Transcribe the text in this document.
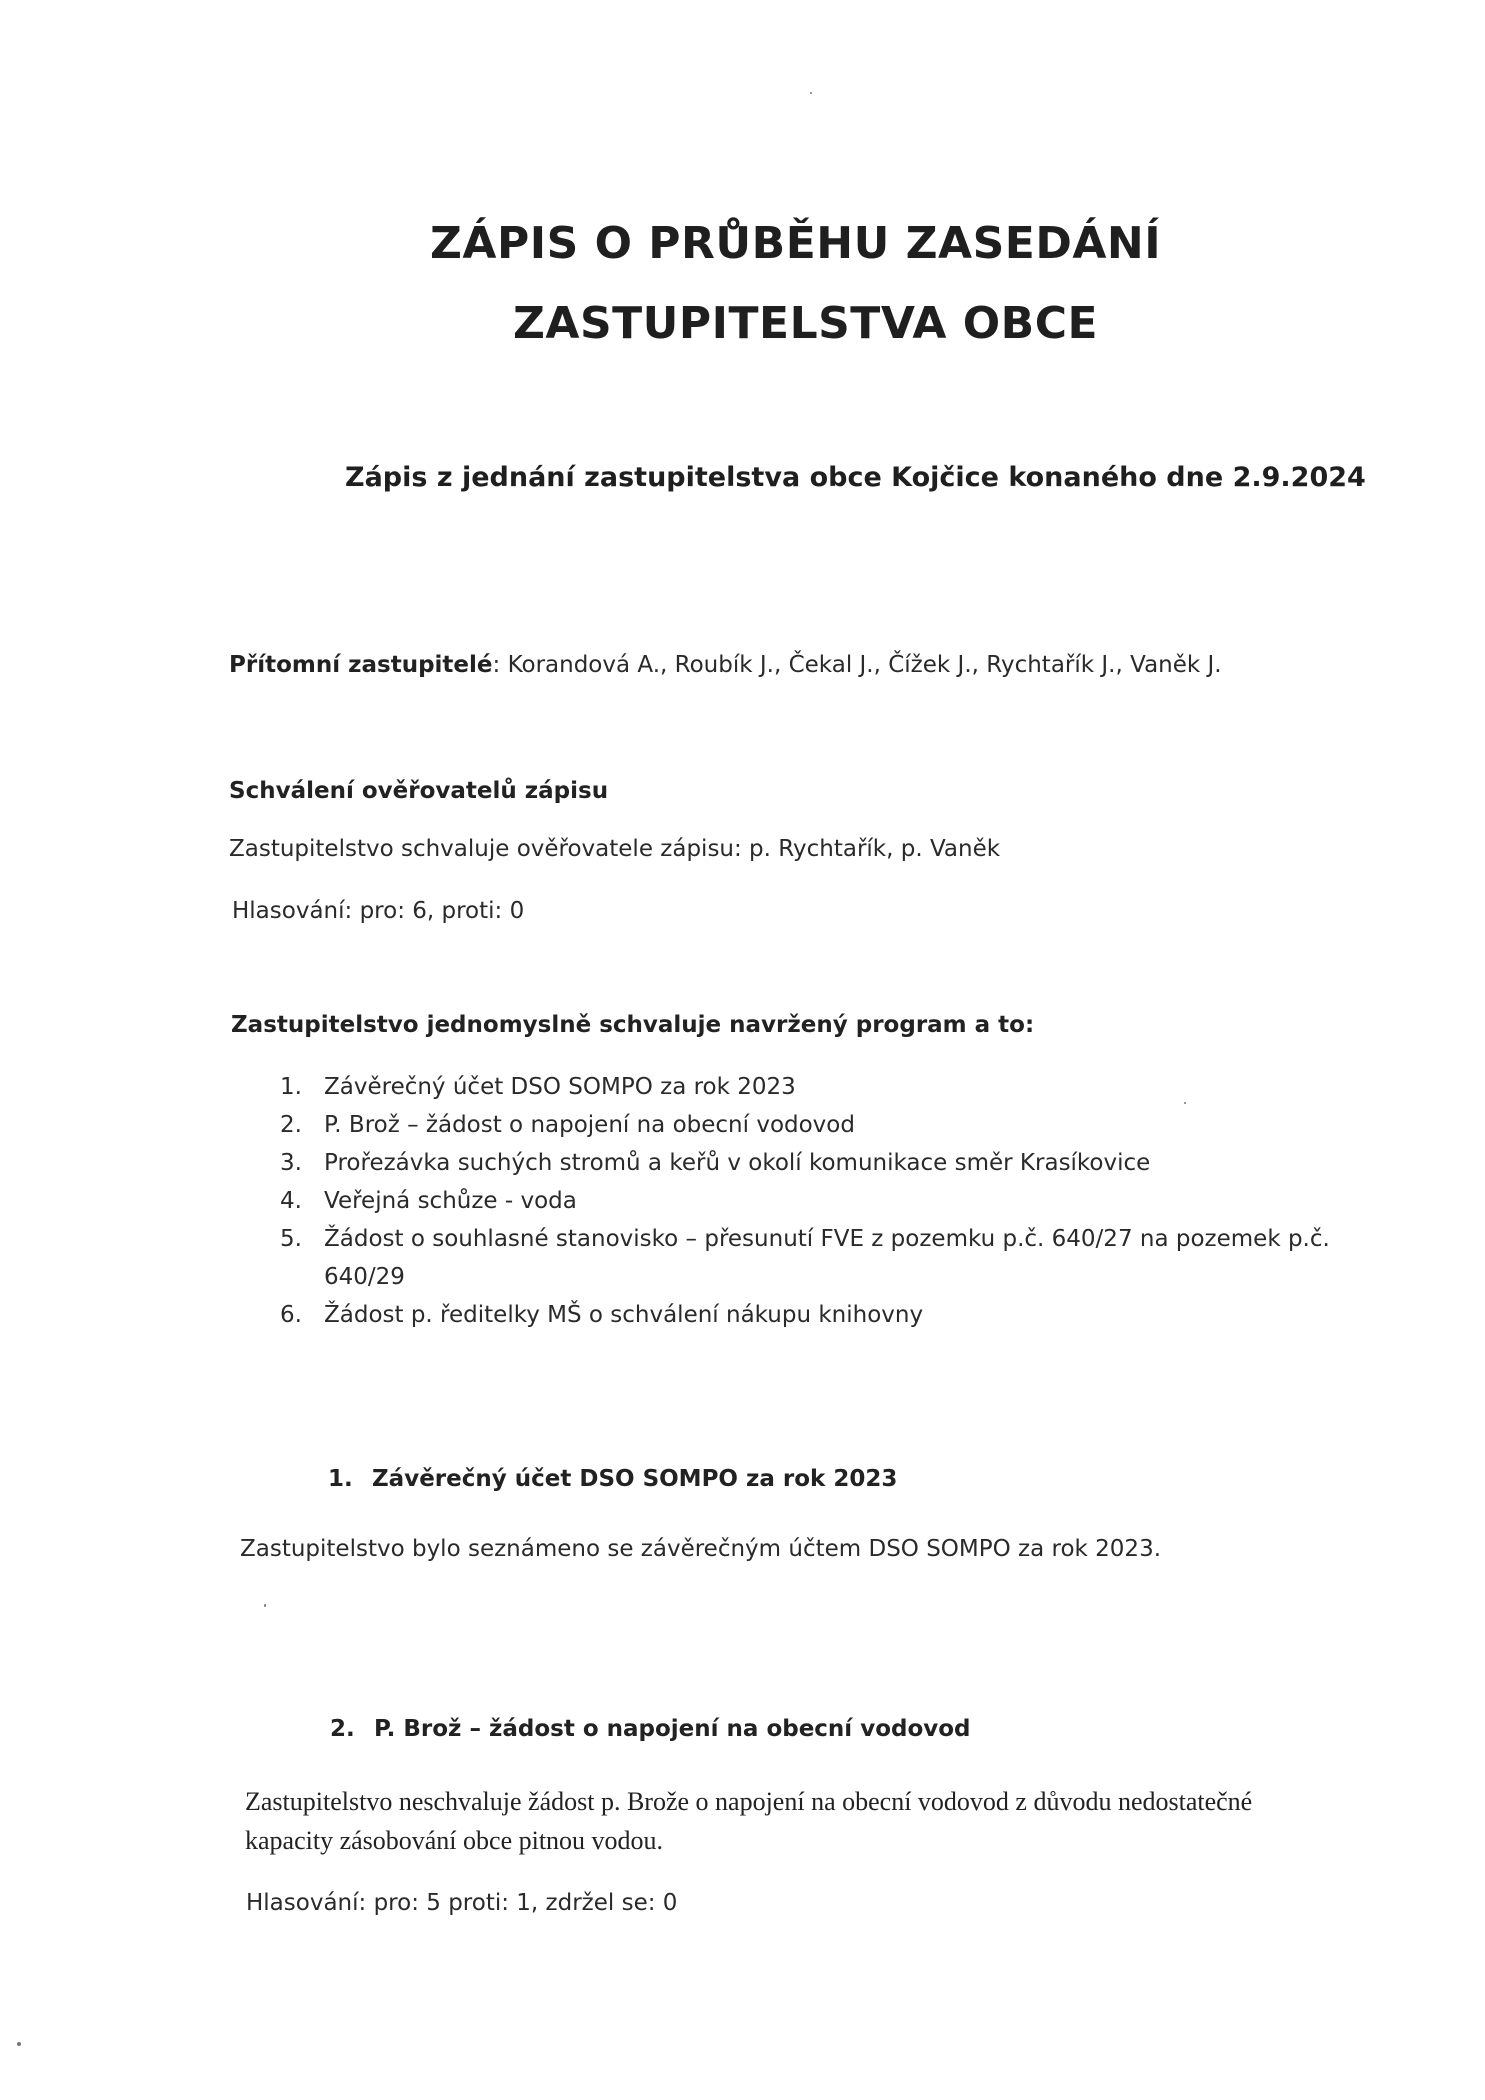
ZÁPIS O PRŮBĚHU ZASEDÁNÍ
ZASTUPITELSTVA OBCE
Zápis z jednání zastupitelstva obce Kojčice konaného dne 2.9.2024
Přítomní zastupitelé: Korandová A., Roubík J., Čekal J., Čížek J., Rychtařík J., Vaněk J.
Schválení ověřovatelů zápisu
Zastupitelstvo schvaluje ověřovatele zápisu: p. Rychtařík, p. Vaněk
Hlasování: pro: 6, proti: 0
Zastupitelstvo jednomyslně schvaluje navržený program a to:
1. Závěrečný účet DSO SOMPO za rok 2023
2. P. Brož – žádost o napojení na obecní vodovod
3. Prořezávka suchých stromů a keřů v okolí komunikace směr Krasíkovice
4. Veřejná schůze - voda
5. Žádost o souhlasné stanovisko – přesunutí FVE z pozemku p.č. 640/27 na pozemek p.č.
640/29
6. Žádost p. ředitelky MŠ o schválení nákupu knihovny
1. Závěrečný účet DSO SOMPO za rok 2023
Zastupitelstvo bylo seznámeno se závěrečným účtem DSO SOMPO za rok 2023.
2. P. Brož – žádost o napojení na obecní vodovod
Zastupitelstvo neschvaluje žádost p. Brože o napojení na obecní vodovod z důvodu nedostatečné
kapacity zásobování obce pitnou vodou.
Hlasování: pro: 5 proti: 1, zdržel se: 0
